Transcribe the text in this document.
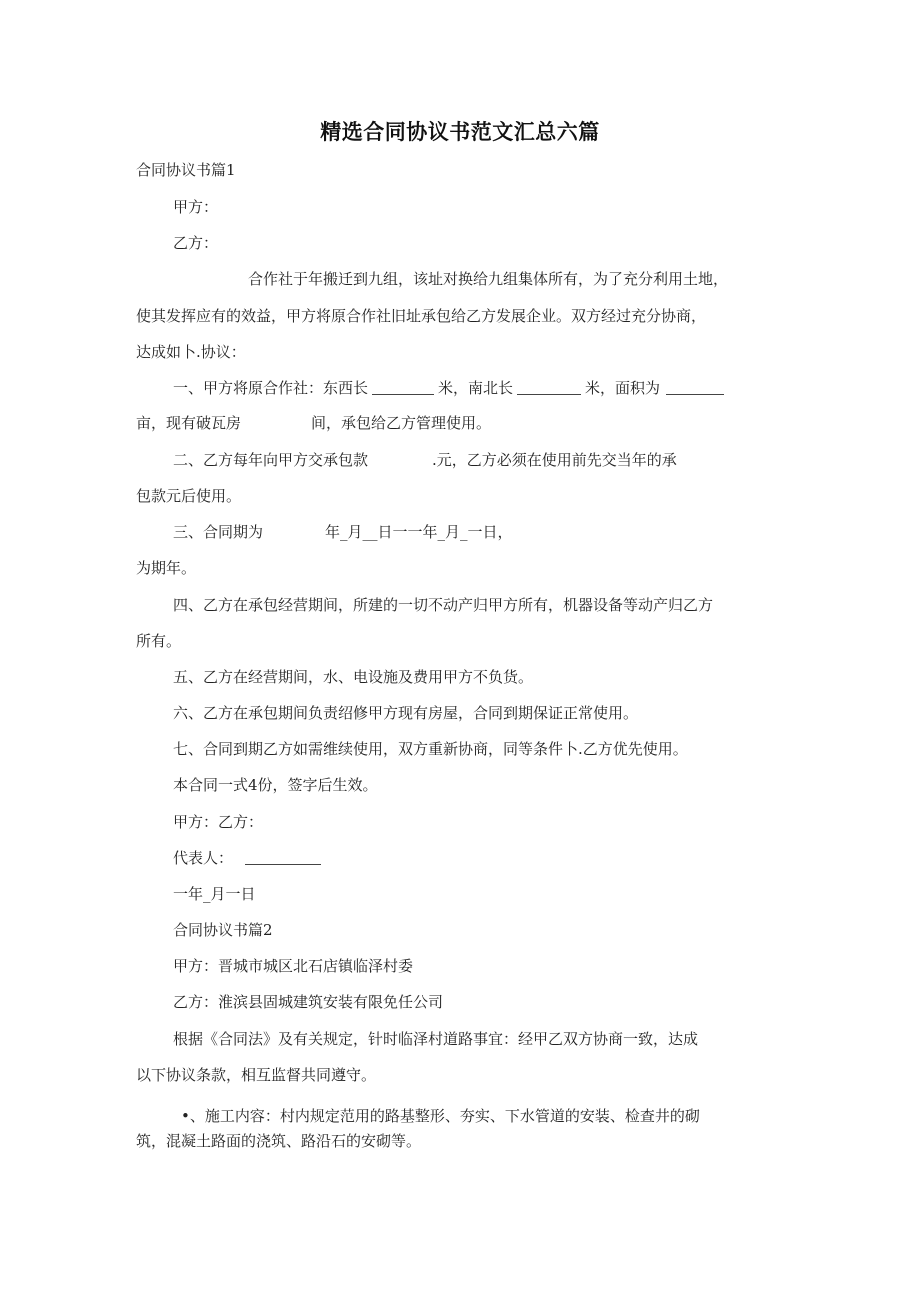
精选合同协议书范文汇总六篇
合同协议书篇1
甲方：
乙方：
合作社于年搬迁到九组，该址对换给九组集体所有，为了充分利用土地，
使其发挥应有的效益，甲方将原合作社旧址承包给乙方发展企业。双方经过充分协商，
达成如卜.协议：
一、甲方将原合作社：东西长	米，南北长	米，面积为
亩，现有破瓦房	间，承包给乙方管理使用。
二、乙方每年向甲方交承包款	.元，乙方必须在使用前先交当年的承
包款元后使用。
三、合同期为	年_月__日一一年_月_一日，
为期年。
四、乙方在承包经营期间，所建的一切不动产归甲方所有，机器设备等动产归乙方
所有。
五、乙方在经营期间，水、电设施及费用甲方不负货。
六、乙方在承包期间负责绍修甲方现有房屋，合同到期保证正常使用。
七、合同到期乙方如需维续使用，双方重新协商，同等条件卜.乙方优先使用。
本合同一式4份，签字后生效。
甲方：乙方：
代表人：
一年_月一日
合同协议书篇2
甲方：晋城市城区北石店镇临泽村委
乙方：淮滨县固城建筑安装有限免任公司
根据《合同法》及有关规定，针时临泽村道路事宜：经甲乙双方协商一致，达成
以下协议条款，相互监督共同遵守。
•、施工内容：村内规定范用的路基整形、夯实、下水管道的安装、检查井的砌
筑，混凝土路面的浇筑、路沿石的安砌等。
